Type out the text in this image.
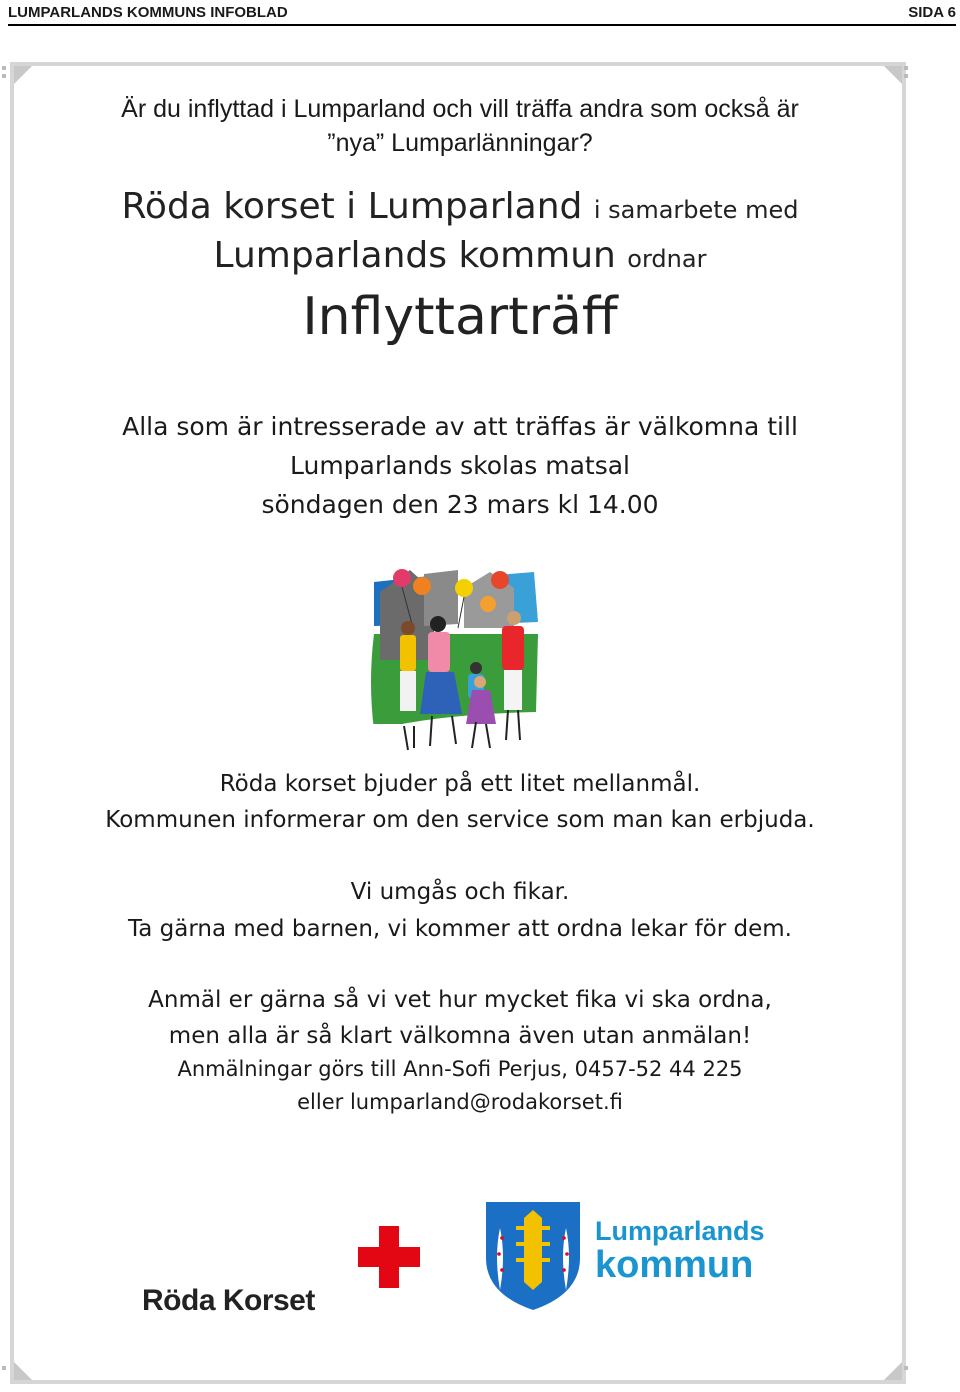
LUMPARLANDS KOMMUNS INFOBLAD	SIDA 6
Är du inflyttad i Lumparland och vill träffa andra som också är
”nya” Lumparlänningar?
Röda korset i Lumparland i samarbete med
Lumparlands kommun ordnar
Inflyttarträff
Alla som är intresserade av att träffas är välkomna till
Lumparlands skolas matsal
söndagen den 23 mars kl 14.00
Röda korset bjuder på ett litet mellanmål.
Kommunen informerar om den service som man kan erbjuda.
Vi umgås och fikar.
Ta gärna med barnen, vi kommer att ordna lekar för dem.
Anmäl er gärna så vi vet hur mycket fika vi ska ordna,
men alla är så klart välkomna även utan anmälan!
Anmälningar görs till Ann-Sofi Perjus, 0457-52 44 225
eller lumparland@rodakorset.fi
Röda Korset
Lumparlands
kommun
